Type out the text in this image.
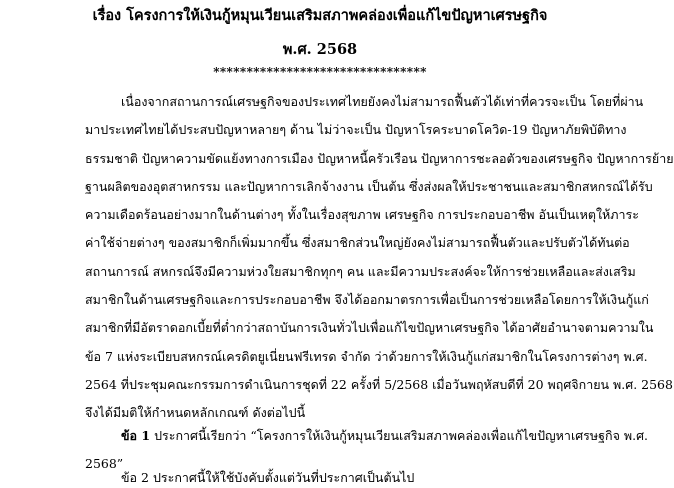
เรื่อง โครงการให้เงินกู้หมุนเวียนเสริมสภาพคล่องเพื่อแก้ไขปัญหาเศรษฐกิจ
พ.ศ. 2568
********************************
เนื่องจากสถานการณ์เศรษฐกิจของประเทศไทยยังคงไม่สามารถฟื้นตัวได้เท่าที่ควรจะเป็น โดยที่ผ่าน
มาประเทศไทยได้ประสบปัญหาหลายๆ ด้าน ไม่ว่าจะเป็น ปัญหาโรคระบาดโควิด-19 ปัญหาภัยพิบัติทาง
ธรรมชาติ ปัญหาความขัดแย้งทางการเมือง ปัญหาหนี้ครัวเรือน ปัญหาการชะลอตัวของเศรษฐกิจ ปัญหาการย้าย
ฐานผลิตของอุตสาหกรรม และปัญหาการเลิกจ้างงาน เป็นต้น ซึ่งส่งผลให้ประชาชนและสมาชิกสหกรณ์ได้รับ
ความเดือดร้อนอย่างมากในด้านต่างๆ ทั้งในเรื่องสุขภาพ เศรษฐกิจ การประกอบอาชีพ อันเป็นเหตุให้ภาระ
ค่าใช้จ่ายต่างๆ ของสมาชิกก็เพิ่มมากขึ้น ซึ่งสมาชิกส่วนใหญ่ยังคงไม่สามารถฟื้นตัวและปรับตัวได้ทันต่อ
สถานการณ์ สหกรณ์จึงมีความห่วงใยสมาชิกทุกๆ คน และมีความประสงค์จะให้การช่วยเหลือและส่งเสริม
สมาชิกในด้านเศรษฐกิจและการประกอบอาชีพ จึงได้ออกมาตรการเพื่อเป็นการช่วยเหลือโดยการให้เงินกู้แก่
สมาชิกที่มีอัตราดอกเบี้ยที่ต่ำกว่าสถาบันการเงินทั่วไปเพื่อแก้ไขปัญหาเศรษฐกิจ ได้อาศัยอำนาจตามความใน
ข้อ 7 แห่งระเบียบสหกรณ์เครดิตยูเนี่ยนฟรีเทรด จำกัด ว่าด้วยการให้เงินกู้แก่สมาชิกในโครงการต่างๆ พ.ศ.
2564 ที่ประชุมคณะกรรมการดำเนินการชุดที่ 22 ครั้งที่ 5/2568 เมื่อวันพฤหัสบดีที่ 20 พฤศจิกายน พ.ศ. 2568
จึงได้มีมติให้กำหนดหลักเกณฑ์ ดังต่อไปนี้
ข้อ 1 ประกาศนี้เรียกว่า “โครงการให้เงินกู้หมุนเวียนเสริมสภาพคล่องเพื่อแก้ไขปัญหาเศรษฐกิจ พ.ศ.
2568”
ข้อ 2 ประกาศนี้ให้ใช้บังคับตั้งแต่วันที่ประกาศเป็นต้นไป
